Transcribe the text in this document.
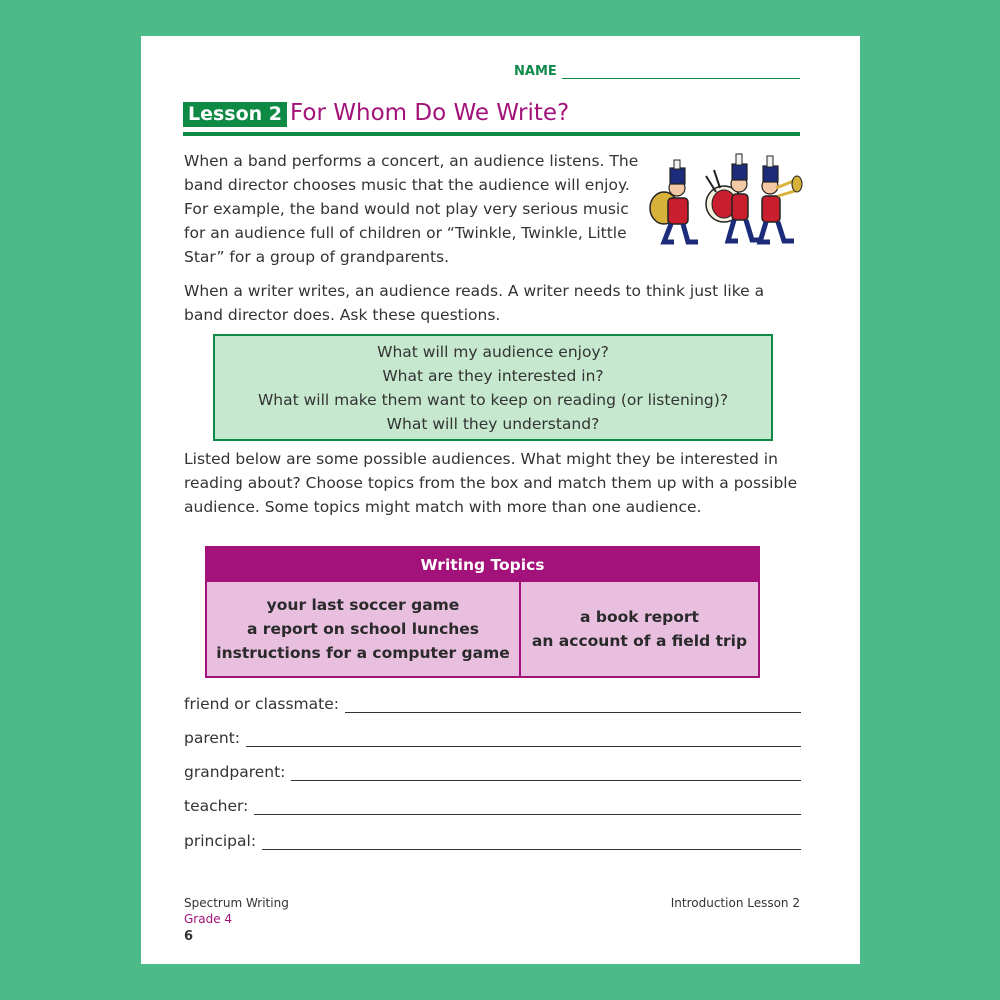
NAME
Lesson 2 For Whom Do We Write?

When a band performs a concert, an audience listens. The band director chooses music that the audience will enjoy. For example, the band would not play very serious music for an audience full of children or “Twinkle, Twinkle, Little Star” for a group of grandparents.

When a writer writes, an audience reads. A writer needs to think just like a band director does. Ask these questions.

What will my audience enjoy?
What are they interested in?
What will make them want to keep on reading (or listening)?
What will they understand?

Listed below are some possible audiences. What might they be interested in reading about? Choose topics from the box and match them up with a possible audience. Some topics might match with more than one audience.

Writing Topics
your last soccer game
a report on school lunches
instructions for a computer game
a book report
an account of a field trip
friend or classmate:
parent:
grandparent:
teacher:
principal:
Spectrum Writing
Grade 4
6
Introduction Lesson 2
